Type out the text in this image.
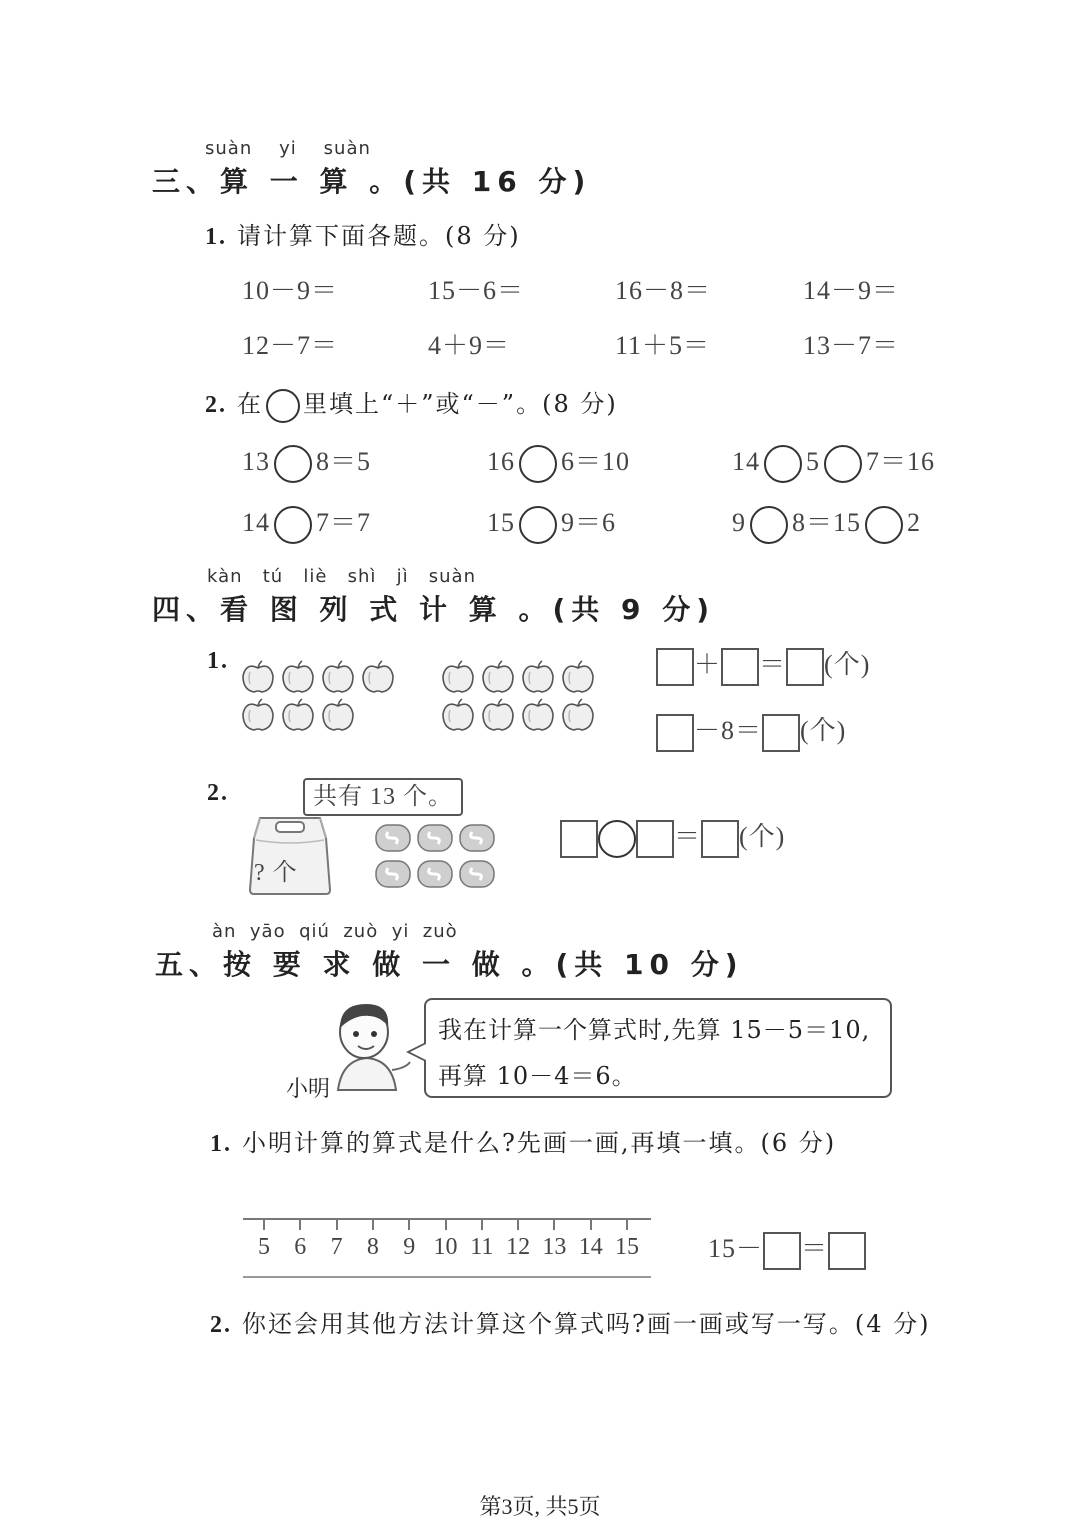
suàn yi suàn
三、算 一 算 。(共 16 分)
1. 请计算下面各题。(8 分)
10－9＝	15－6＝	16－8＝	14－9＝
12－7＝	4＋9＝	11＋5＝	13－7＝
2. 在 里填上“＋”或“－”。(8 分)
13 8＝5	16 6＝10	14 5 7＝16
14 7＝7	15 9＝6	9 8＝15 2
kàn tú liè shì jì suàn
四、看 图 列 式 计 算 。(共 9 分)
1.	＋ ＝ (个)
－8＝ (个)
2.	共有 13 个。
? 个
＝ (个)
àn yāo qiú zuò yi zuò
五、按 要 求 做 一 做 。(共 10 分)
小明
我在计算一个算式时,先算 15－5＝10,
再算 10－4＝6。
1. 小明计算的算式是什么?先画一画,再填一填。(6 分)
5	6	7	8	9 10 11 12 13 14 15	15－ ＝
2. 你还会用其他方法计算这个算式吗?画一画或写一写。(4 分)
第3页, 共5页
